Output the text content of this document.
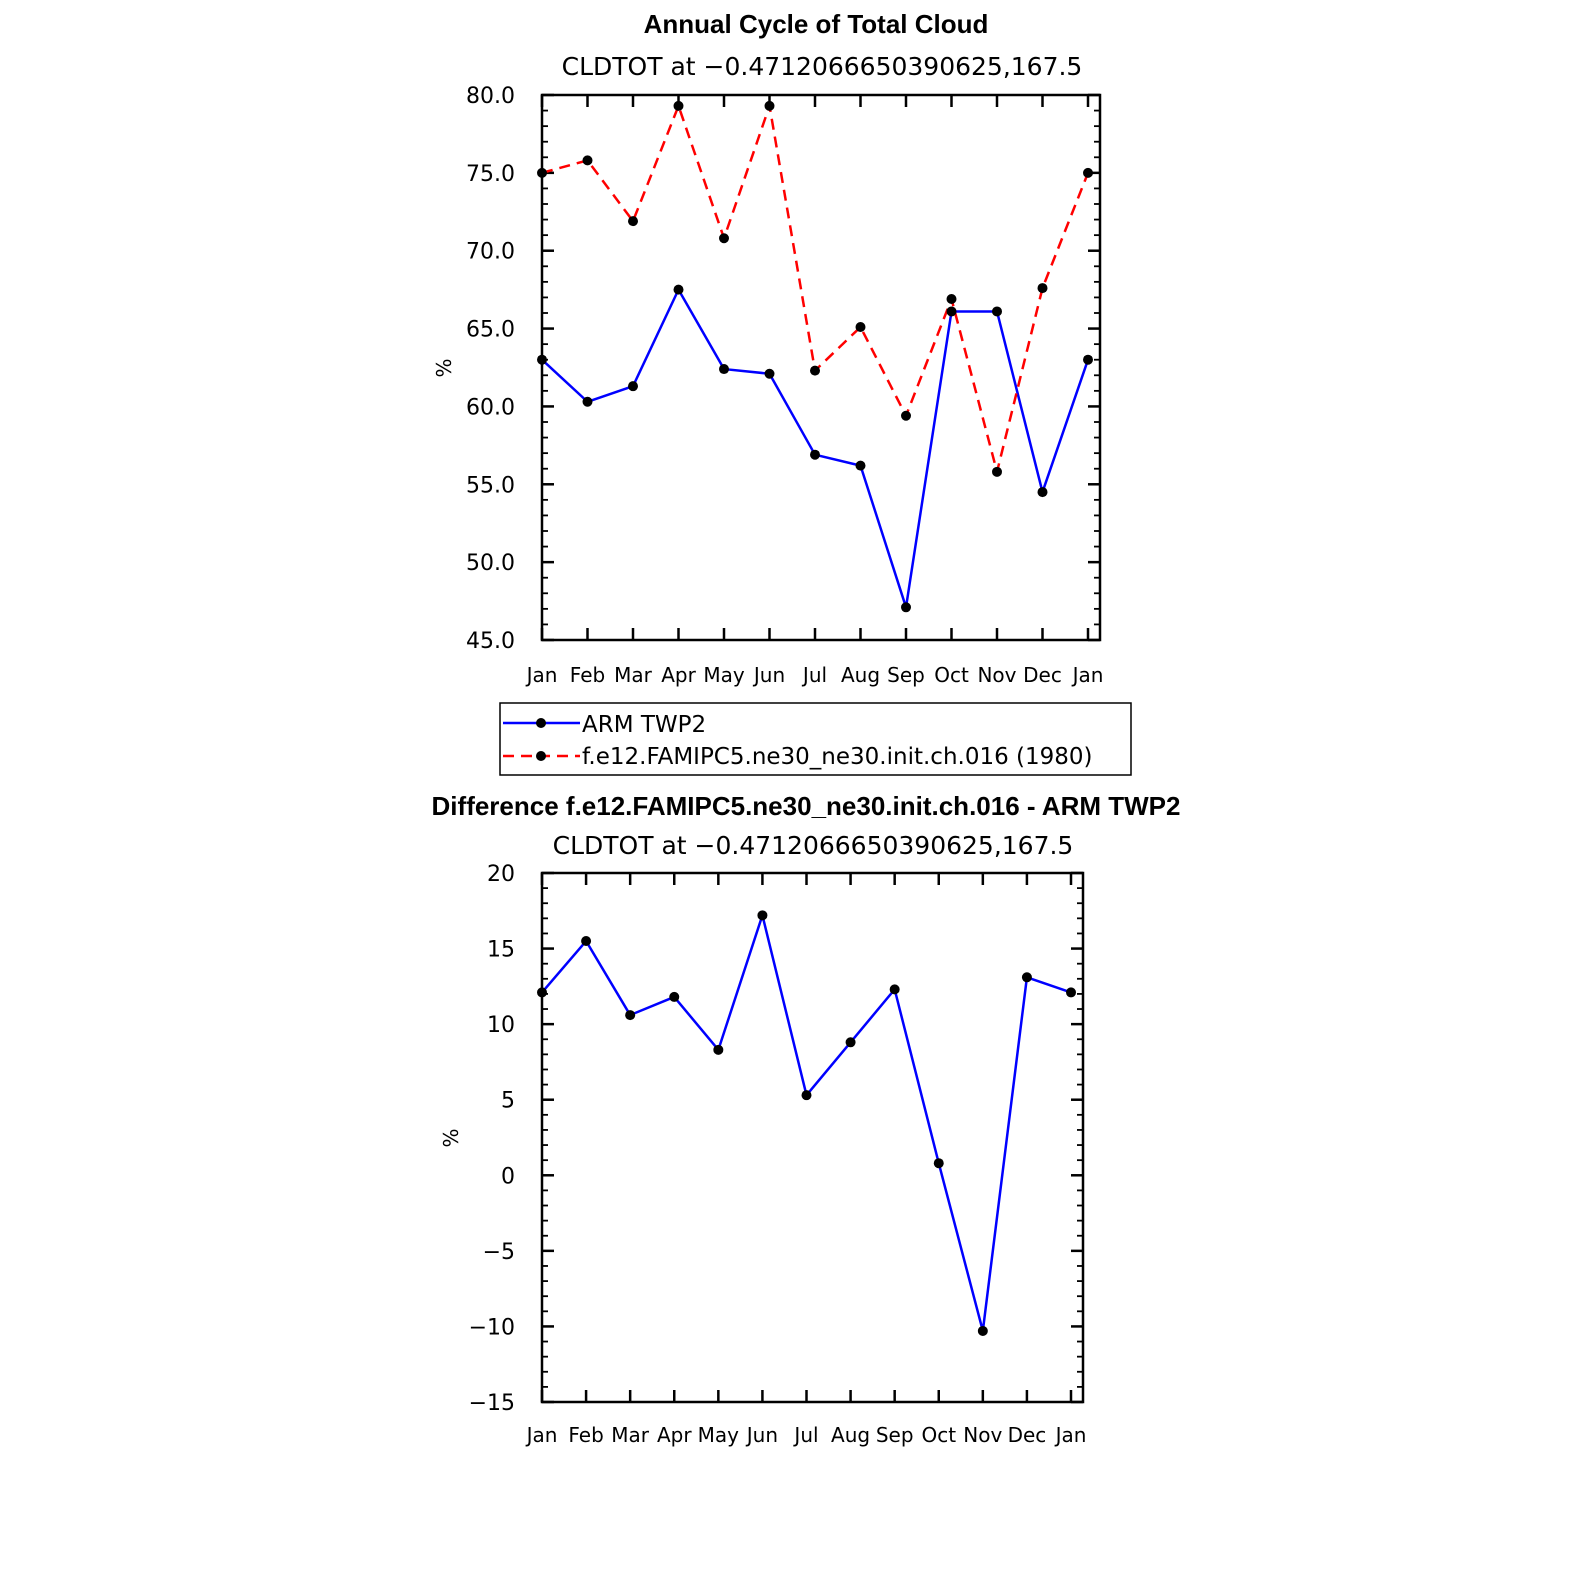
Annual Cycle of Total Cloud
CLDTOT at −0.4712066650390625,167.5
%
45.0
50.0
55.0
60.0
65.0
70.0
75.0
80.0
Jan Feb Mar Apr May Jun Jul Aug Sep Oct Nov Dec Jan
ARM TWP2
f.e12.FAMIPC5.ne30_ne30.init.ch.016 (1980)
Difference f.e12.FAMIPC5.ne30_ne30.init.ch.016 - ARM TWP2
CLDTOT at −0.4712066650390625,167.5
%
−15
−10
−5
0
5
10
15
20
Jan Feb Mar Apr May Jun Jul Aug Sep Oct Nov Dec Jan
